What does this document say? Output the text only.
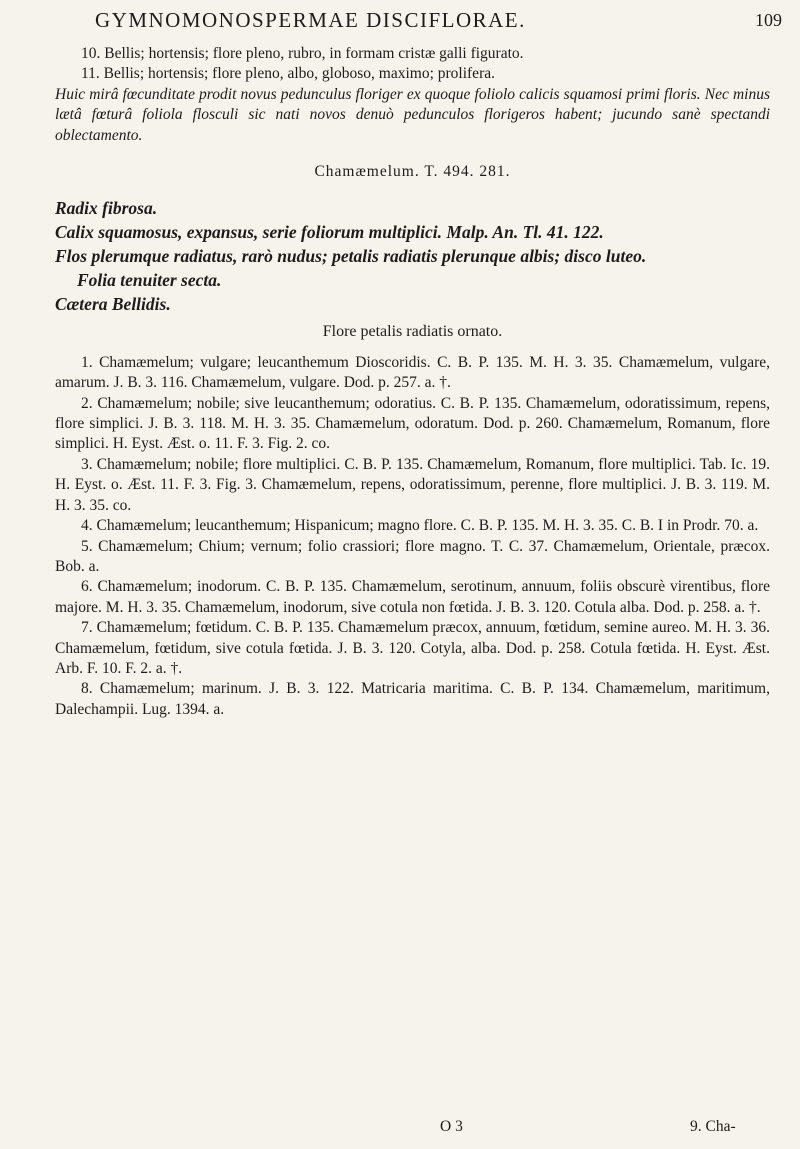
GYMNOMONOSPERMAE DISCIFLORAE.	109

10. Bellis; hortensis; flore pleno, rubro, in formam cristæ galli figurato.

11. Bellis; hortensis; flore pleno, albo, globoso, maximo; prolifera.

Huic mirâ fœcunditate prodit novus pedunculus floriger ex quoque foliolo calicis squamosi primi floris. Nec minus lætâ fœturâ foliola flosculi sic nati novos denuò pedunculos florigeros habent; jucundo sanè spectandi oblectamento.

Chamæmelum. T. 494. 281.

Radix fibrosa.

Calix squamosus, expansus, serie foliorum multiplici. Malp. An. Tl. 41. 122.

Flos plerumque radiatus, rarò nudus; petalis radiatis plerunque albis; disco luteo.

Folia tenuiter secta.

Cætera Bellidis.

Flore petalis radiatis ornato.

1. Chamæmelum; vulgare; leucanthemum Dioscoridis. C. B. P. 135. M. H. 3. 35. Chamæmelum, vulgare, amarum. J. B. 3. 116. Chamæmelum, vulgare. Dod. p. 257. a. †.

2. Chamæmelum; nobile; sive leucanthemum; odoratius. C. B. P. 135. Chamæmelum, odoratissimum, repens, flore simplici. J. B. 3. 118. M. H. 3. 35. Chamæmelum, odoratum. Dod. p. 260. Chamæmelum, Romanum, flore simplici. H. Eyst. Æst. o. 11. F. 3. Fig. 2. co.

3. Chamæmelum; nobile; flore multiplici. C. B. P. 135. Chamæmelum, Romanum, flore multiplici. Tab. Ic. 19. H. Eyst. o. Æst. 11. F. 3. Fig. 3. Chamæmelum, repens, odoratissimum, perenne, flore multiplici. J. B. 3. 119. M. H. 3. 35. co.

4. Chamæmelum; leucanthemum; Hispanicum; magno flore. C. B. P. 135. M. H. 3. 35. C. B. I in Prodr. 70. a.

5. Chamæmelum; Chium; vernum; folio crassiori; flore magno. T. C. 37. Chamæmelum, Orientale, præcox. Bob. a.

6. Chamæmelum; inodorum. C. B. P. 135. Chamæmelum, serotinum, annuum, foliis obscurè virentibus, flore majore. M. H. 3. 35. Chamæmelum, inodorum, sive cotula non fœtida. J. B. 3. 120. Cotula alba. Dod. p. 258. a. †.

7. Chamæmelum; fœtidum. C. B. P. 135. Chamæmelum præcox, annuum, fœtidum, semine aureo. M. H. 3. 36. Chamæmelum, fœtidum, sive cotula fœtida. J. B. 3. 120. Cotyla, alba. Dod. p. 258. Cotula fœtida. H. Eyst. Æst. Arb. F. 10. F. 2. a. †.

8. Chamæmelum; marinum. J. B. 3. 122. Matricaria maritima. C. B. P. 134. Chamæmelum, maritimum, Dalechampii. Lug. 1394. a.

O 3	9. Cha-
